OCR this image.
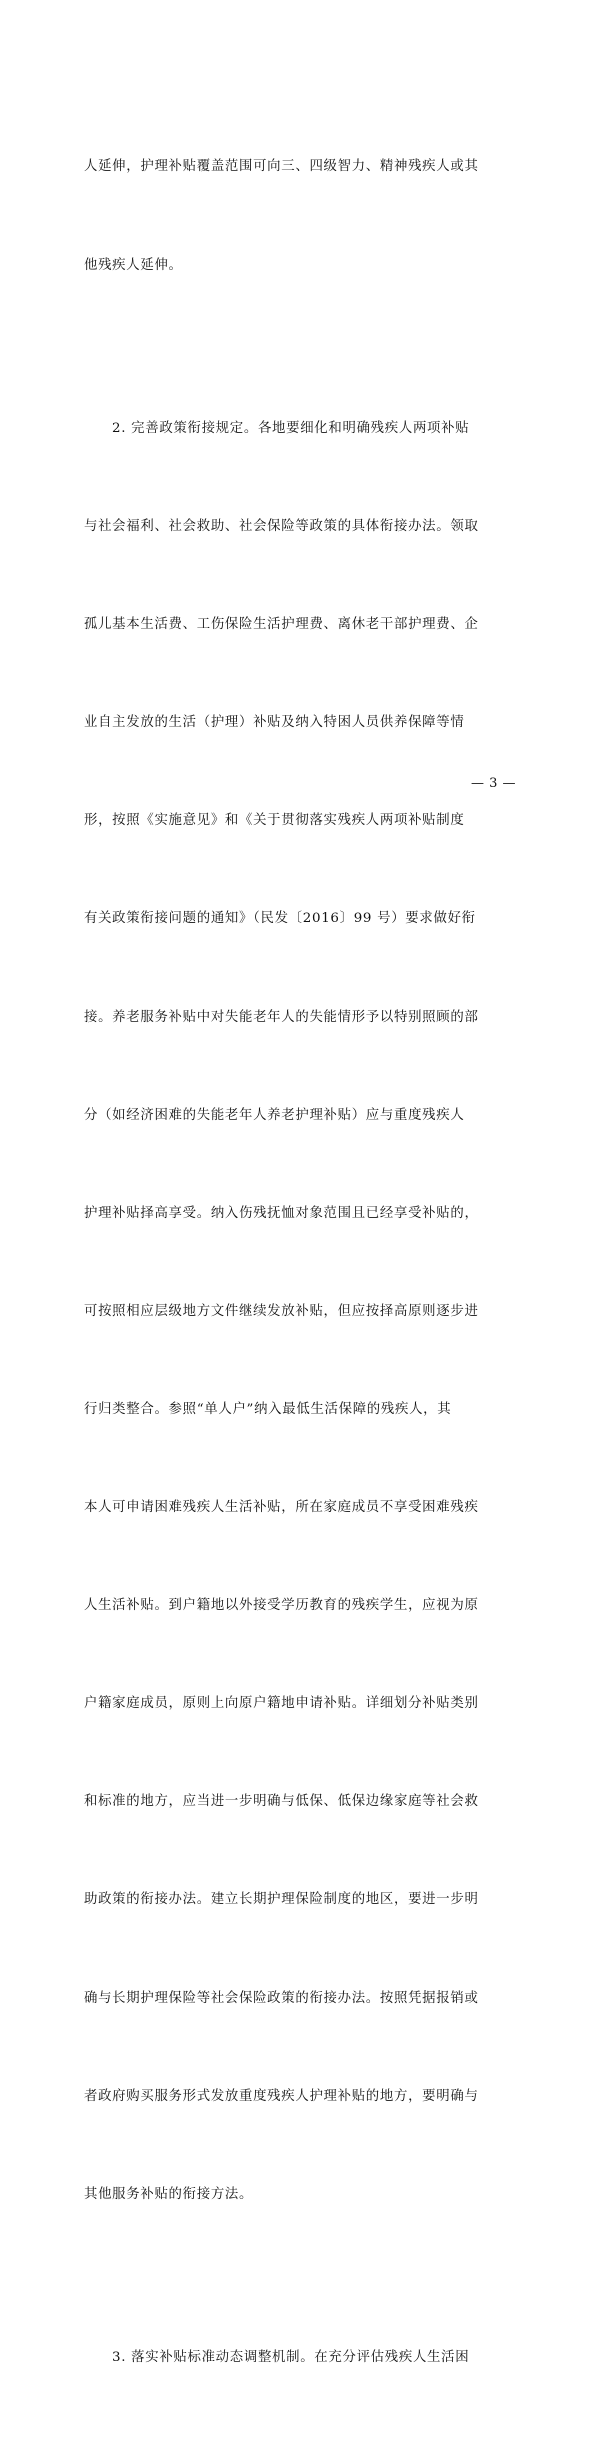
人延伸，护理补贴覆盖范围可向三、四级智力、精神残疾人或其

他残疾人延伸。

2. 完善政策衔接规定。各地要细化和明确残疾人两项补贴

与社会福利、社会救助、社会保险等政策的具体衔接办法。领取

孤儿基本生活费、工伤保险生活护理费、离休老干部护理费、企

业自主发放的生活（护理）补贴及纳入特困人员供养保障等情

形，按照《实施意见》和《关于贯彻落实残疾人两项补贴制度

有关政策衔接问题的通知》（民发〔2016〕99 号）要求做好衔

接。养老服务补贴中对失能老年人的失能情形予以特别照顾的部

分（如经济困难的失能老年人养老护理补贴）应与重度残疾人

护理补贴择高享受。纳入伤残抚恤对象范围且已经享受补贴的，

可按照相应层级地方文件继续发放补贴，但应按择高原则逐步进

行归类整合。参照“单人户”纳入最低生活保障的残疾人，其

本人可申请困难残疾人生活补贴，所在家庭成员不享受困难残疾

人生活补贴。到户籍地以外接受学历教育的残疾学生，应视为原

户籍家庭成员，原则上向原户籍地申请补贴。详细划分补贴类别

和标准的地方，应当进一步明确与低保、低保边缘家庭等社会救

助政策的衔接办法。建立长期护理保险制度的地区，要进一步明

确与长期护理保险等社会保险政策的衔接办法。按照凭据报销或

者政府购买服务形式发放重度残疾人护理补贴的地方，要明确与

其他服务补贴的衔接方法。

3. 落实补贴标准动态调整机制。在充分评估残疾人生活困

— 3 —
